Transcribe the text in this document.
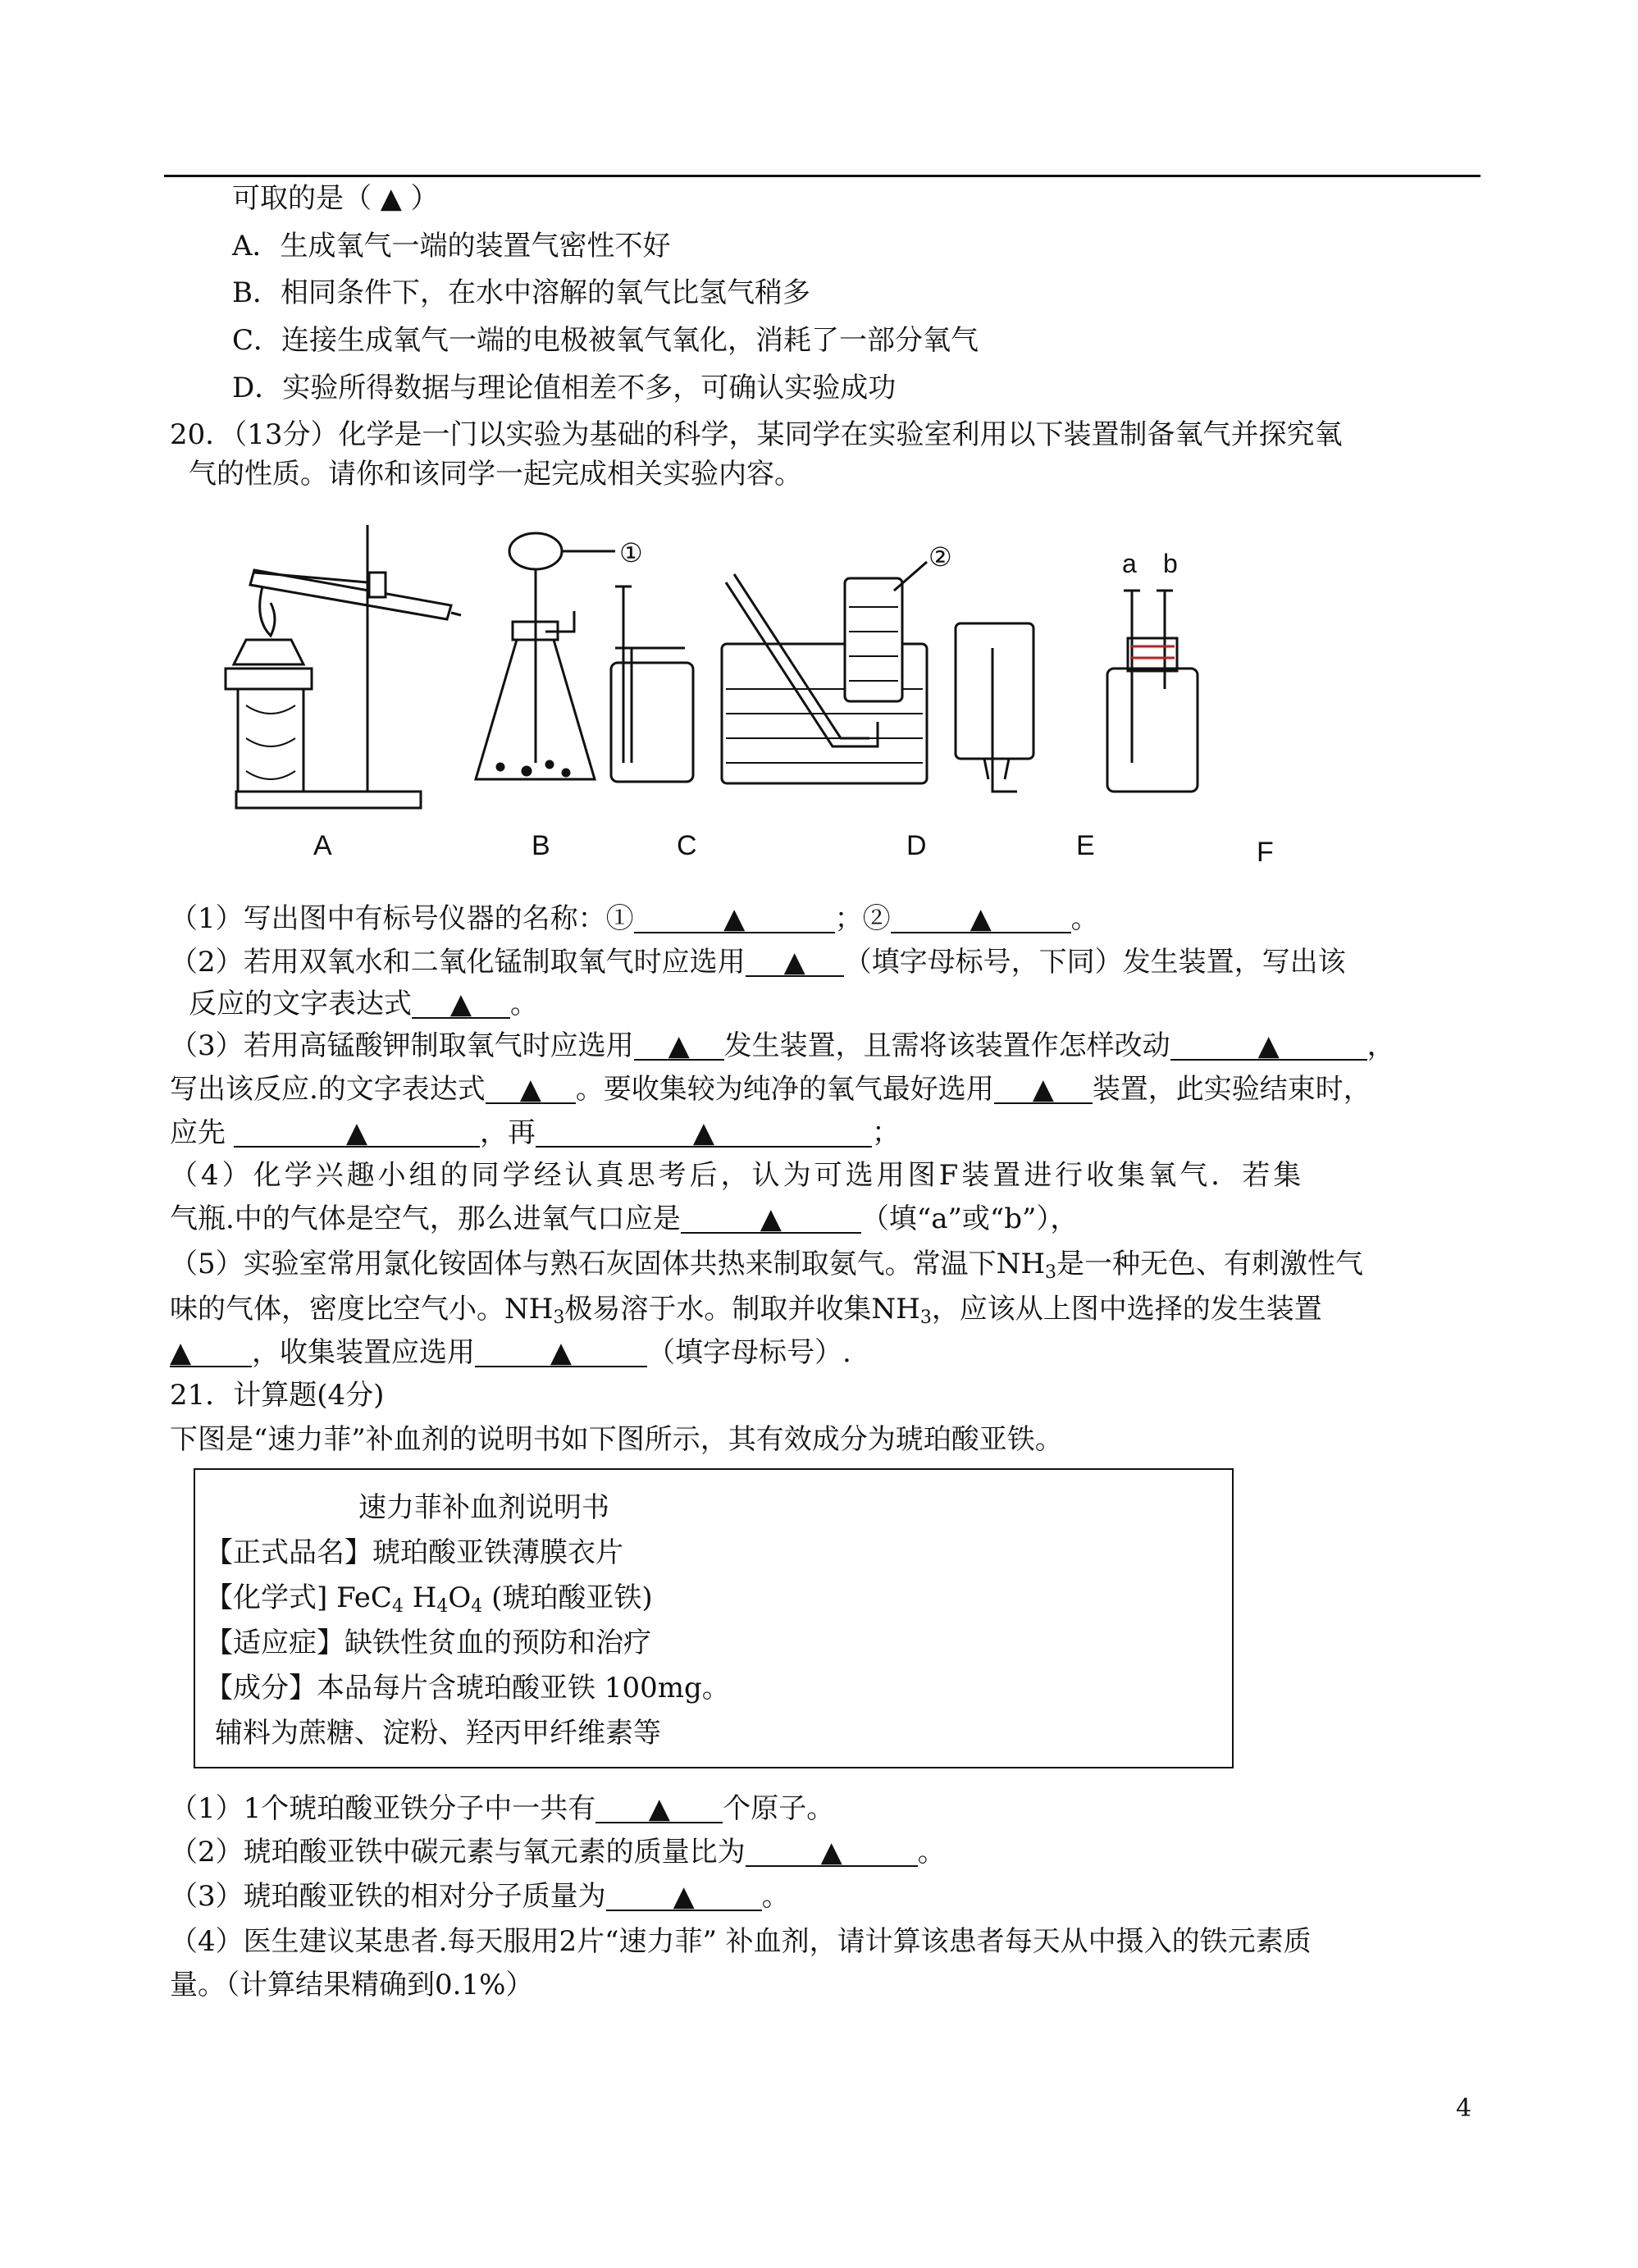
可取的是（ ▲ ）
A．生成氧气一端的装置气密性不好
B．相同条件下，在水中溶解的氧气比氢气稍多
C．连接生成氧气一端的电极被氧气氧化，消耗了一部分氧气
D．实验所得数据与理论值相差不多，可确认实验成功
20．（13分）化学是一门以实验为基础的科学，某同学在实验室利用以下装置制备氧气并探究氧
气的性质。请你和该同学一起完成相关实验内容。
①	②	a b
A	B	C	D	E	F
（1）写出图中有标号仪器的名称：①	▲	；②	▲	。
（2）若用双氧水和二氧化锰制取氧气时应选用 ▲ （填字母标号，下同）发生装置，写出该
反应的文字表达式 ▲ 。
（3）若用高锰酸钾制取氧气时应选用 ▲ 发生装置，且需将该装置作怎样改动	▲	，
写出该反应.的文字表达式 ▲ 。要收集较为纯净的氧气最好选用 ▲ 装置，此实验结束时，
应先	▲	，再	▲	；
（4）化学兴趣小组的同学经认真思考后，认为可选用图F装置进行收集氧气．若集
气瓶.中的气体是空气，那么进氧气口应是	▲	（填“a”或“b”），
（5）实验室常用氯化铵固体与熟石灰固体共热来制取氨气。常温下$NH_3$是一种无色、有刺激性气
味的气体，密度比空气小。$NH_3$极易溶于水。制取并收集$NH_3$，应该从上图中选择的发生装置
▲ ，收集装置应选用	▲	（填字母标号）.
21．计算题(4分)
下图是“速力菲”补血剂的说明书如下图所示，其有效成分为琥珀酸亚铁。
速力菲补血剂说明书
【正式品名】琥珀酸亚铁薄膜衣片
【化学式] FeC$_4$ $H_4O_4$ (琥珀酸亚铁)
【适应症】缺铁性贫血的预防和治疗
【成分】本品每片含琥珀酸亚铁 100mg。
辅料为蔗糖、淀粉、羟丙甲纤维素等
（1）1个琥珀酸亚铁分子中一共有 ▲ 个原子。
（2）琥珀酸亚铁中碳元素与氧元素的质量比为	▲	。
（3）琥珀酸亚铁的相对分子质量为 ▲ 。
（4）医生建议某患者.每天服用2片“速力菲” 补血剂，请计算该患者每天从中摄入的铁元素质
量。（计算结果精确到0.1%）
4
